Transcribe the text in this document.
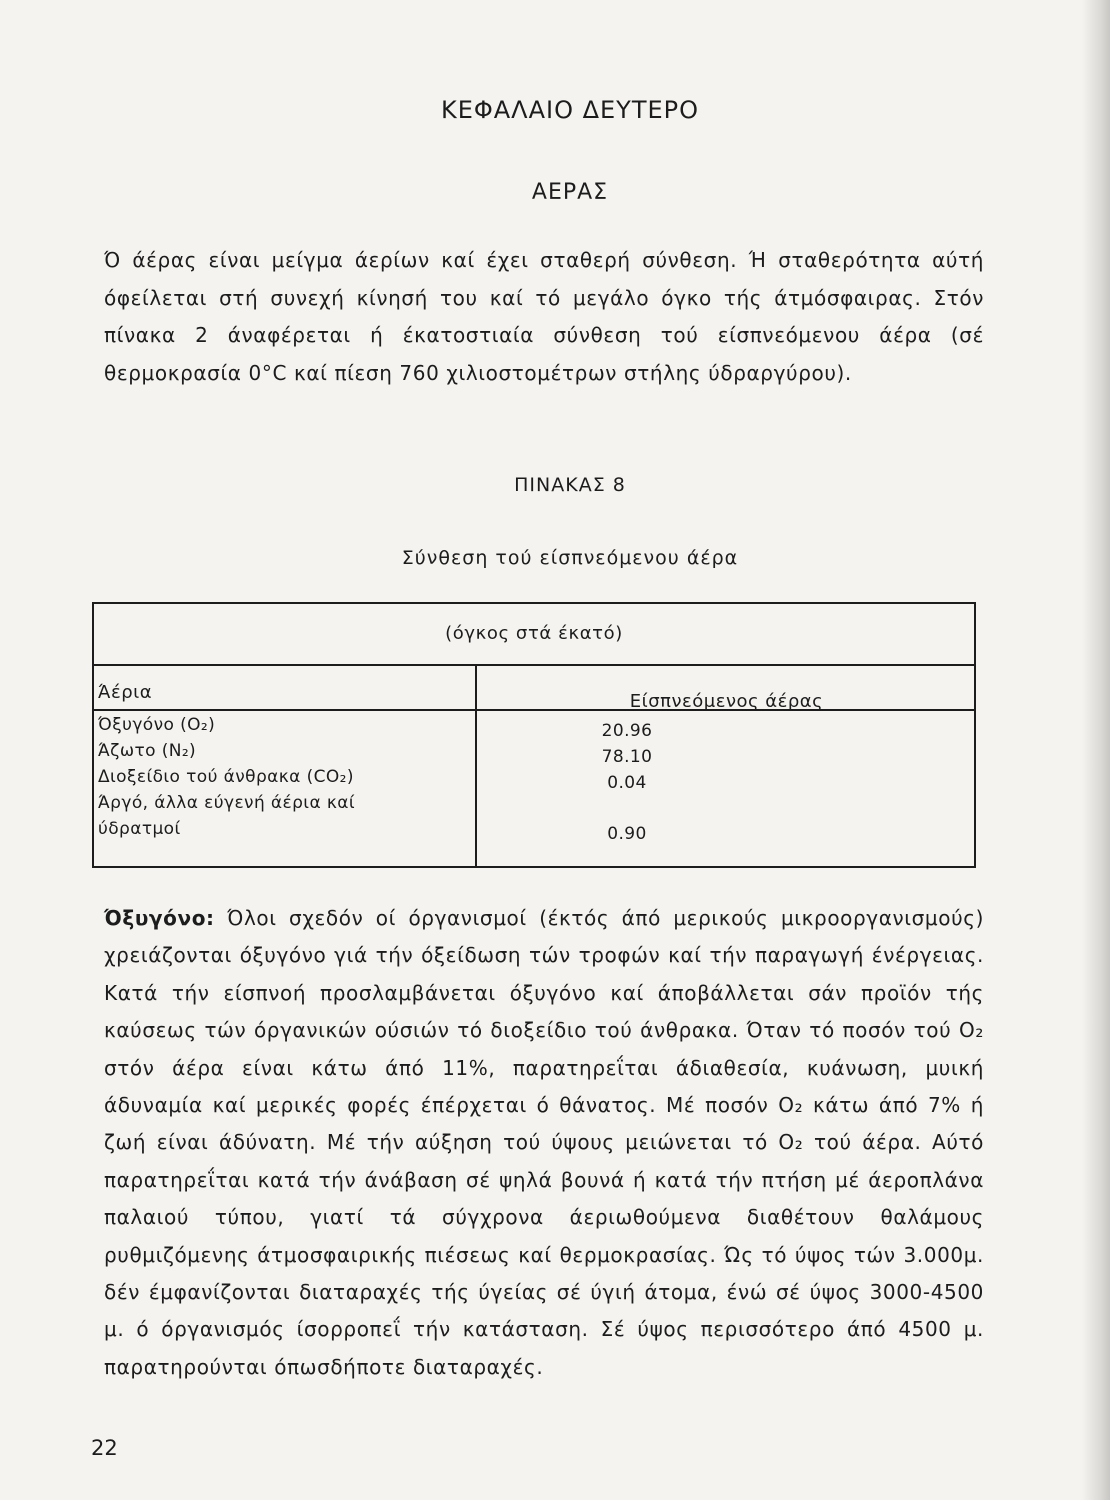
ΚΕΦΑΛΑΙΟ ΔΕΥΤΕΡΟ
ΑΕΡΑΣ
Ό άέρας είναι μείγμα άερίων καί έχει σταθερή σύνθεση. Ή σταθερότητα αύτή όφείλεται στή συνεχή κίνησή του καί τό μεγάλο όγκο τής άτμόσφαιρας. Στόν πίνακα 2 άναφέρεται ή έκατοστιαία σύνθεση τού είσπνεόμενου άέρα (σέ θερμοκρασία 0°C καί πίεση 760 χιλιοστομέτρων στήλης ύδραργύρου).
ΠΙΝΑΚΑΣ 8
Σύνθεση τού είσπνεόμενου άέρα
(όγκος στά έκατό)
Άέρια	Είσπνεόμενος άέρας
Όξυγόνο (O₂)	20.96
Άζωτο (N₂)	78.10
Διοξείδιο τού άνθρακα (CO₂)	0.04
Άργό, άλλα εύγενή άέρια καί ύδρατμοί	0.90
Όξυγόνο: Όλοι σχεδόν οί όργανισμοί (έκτός άπό μερικούς μικροοργανισμούς) χρειάζονται όξυγόνο γιά τήν όξείδωση τών τροφών καί τήν παραγωγή ένέργειας. Κατά τήν είσπνοή προσλαμβάνεται όξυγόνο καί άποβάλλεται σάν προϊόν τής καύσεως τών όργανικών ούσιών τό διοξείδιο τού άνθρακα. Όταν τό ποσόν τού O₂ στόν άέρα είναι κάτω άπό 11%, παρατηρεΐται άδιαθεσία, κυάνωση, μυική άδυναμία καί μερικές φορές έπέρχεται ό θάνατος. Μέ ποσόν O₂ κάτω άπό 7% ή ζωή είναι άδύνατη. Μέ τήν αύξηση τού ύψους μειώνεται τό O₂ τού άέρα. Αύτό παρατηρεΐται κατά τήν άνάβαση σέ ψηλά βουνά ή κατά τήν πτήση μέ άεροπλάνα παλαιού τύπου, γιατί τά σύγχρονα άεριωθούμενα διαθέτουν θαλάμους ρυθμιζόμενης άτμοσφαιρικής πιέσεως καί θερμοκρασίας. Ώς τό ύψος τών 3.000μ. δέν έμφανίζονται διαταραχές τής ύγείας σέ ύγιή άτομα, ένώ σέ ύψος 3000-4500 μ. ό όργανισμός ίσορροπεΐ τήν κατάσταση. Σέ ύψος περισσότερο άπό 4500 μ. παρατηρούνται όπωσδήποτε διαταραχές.
22
